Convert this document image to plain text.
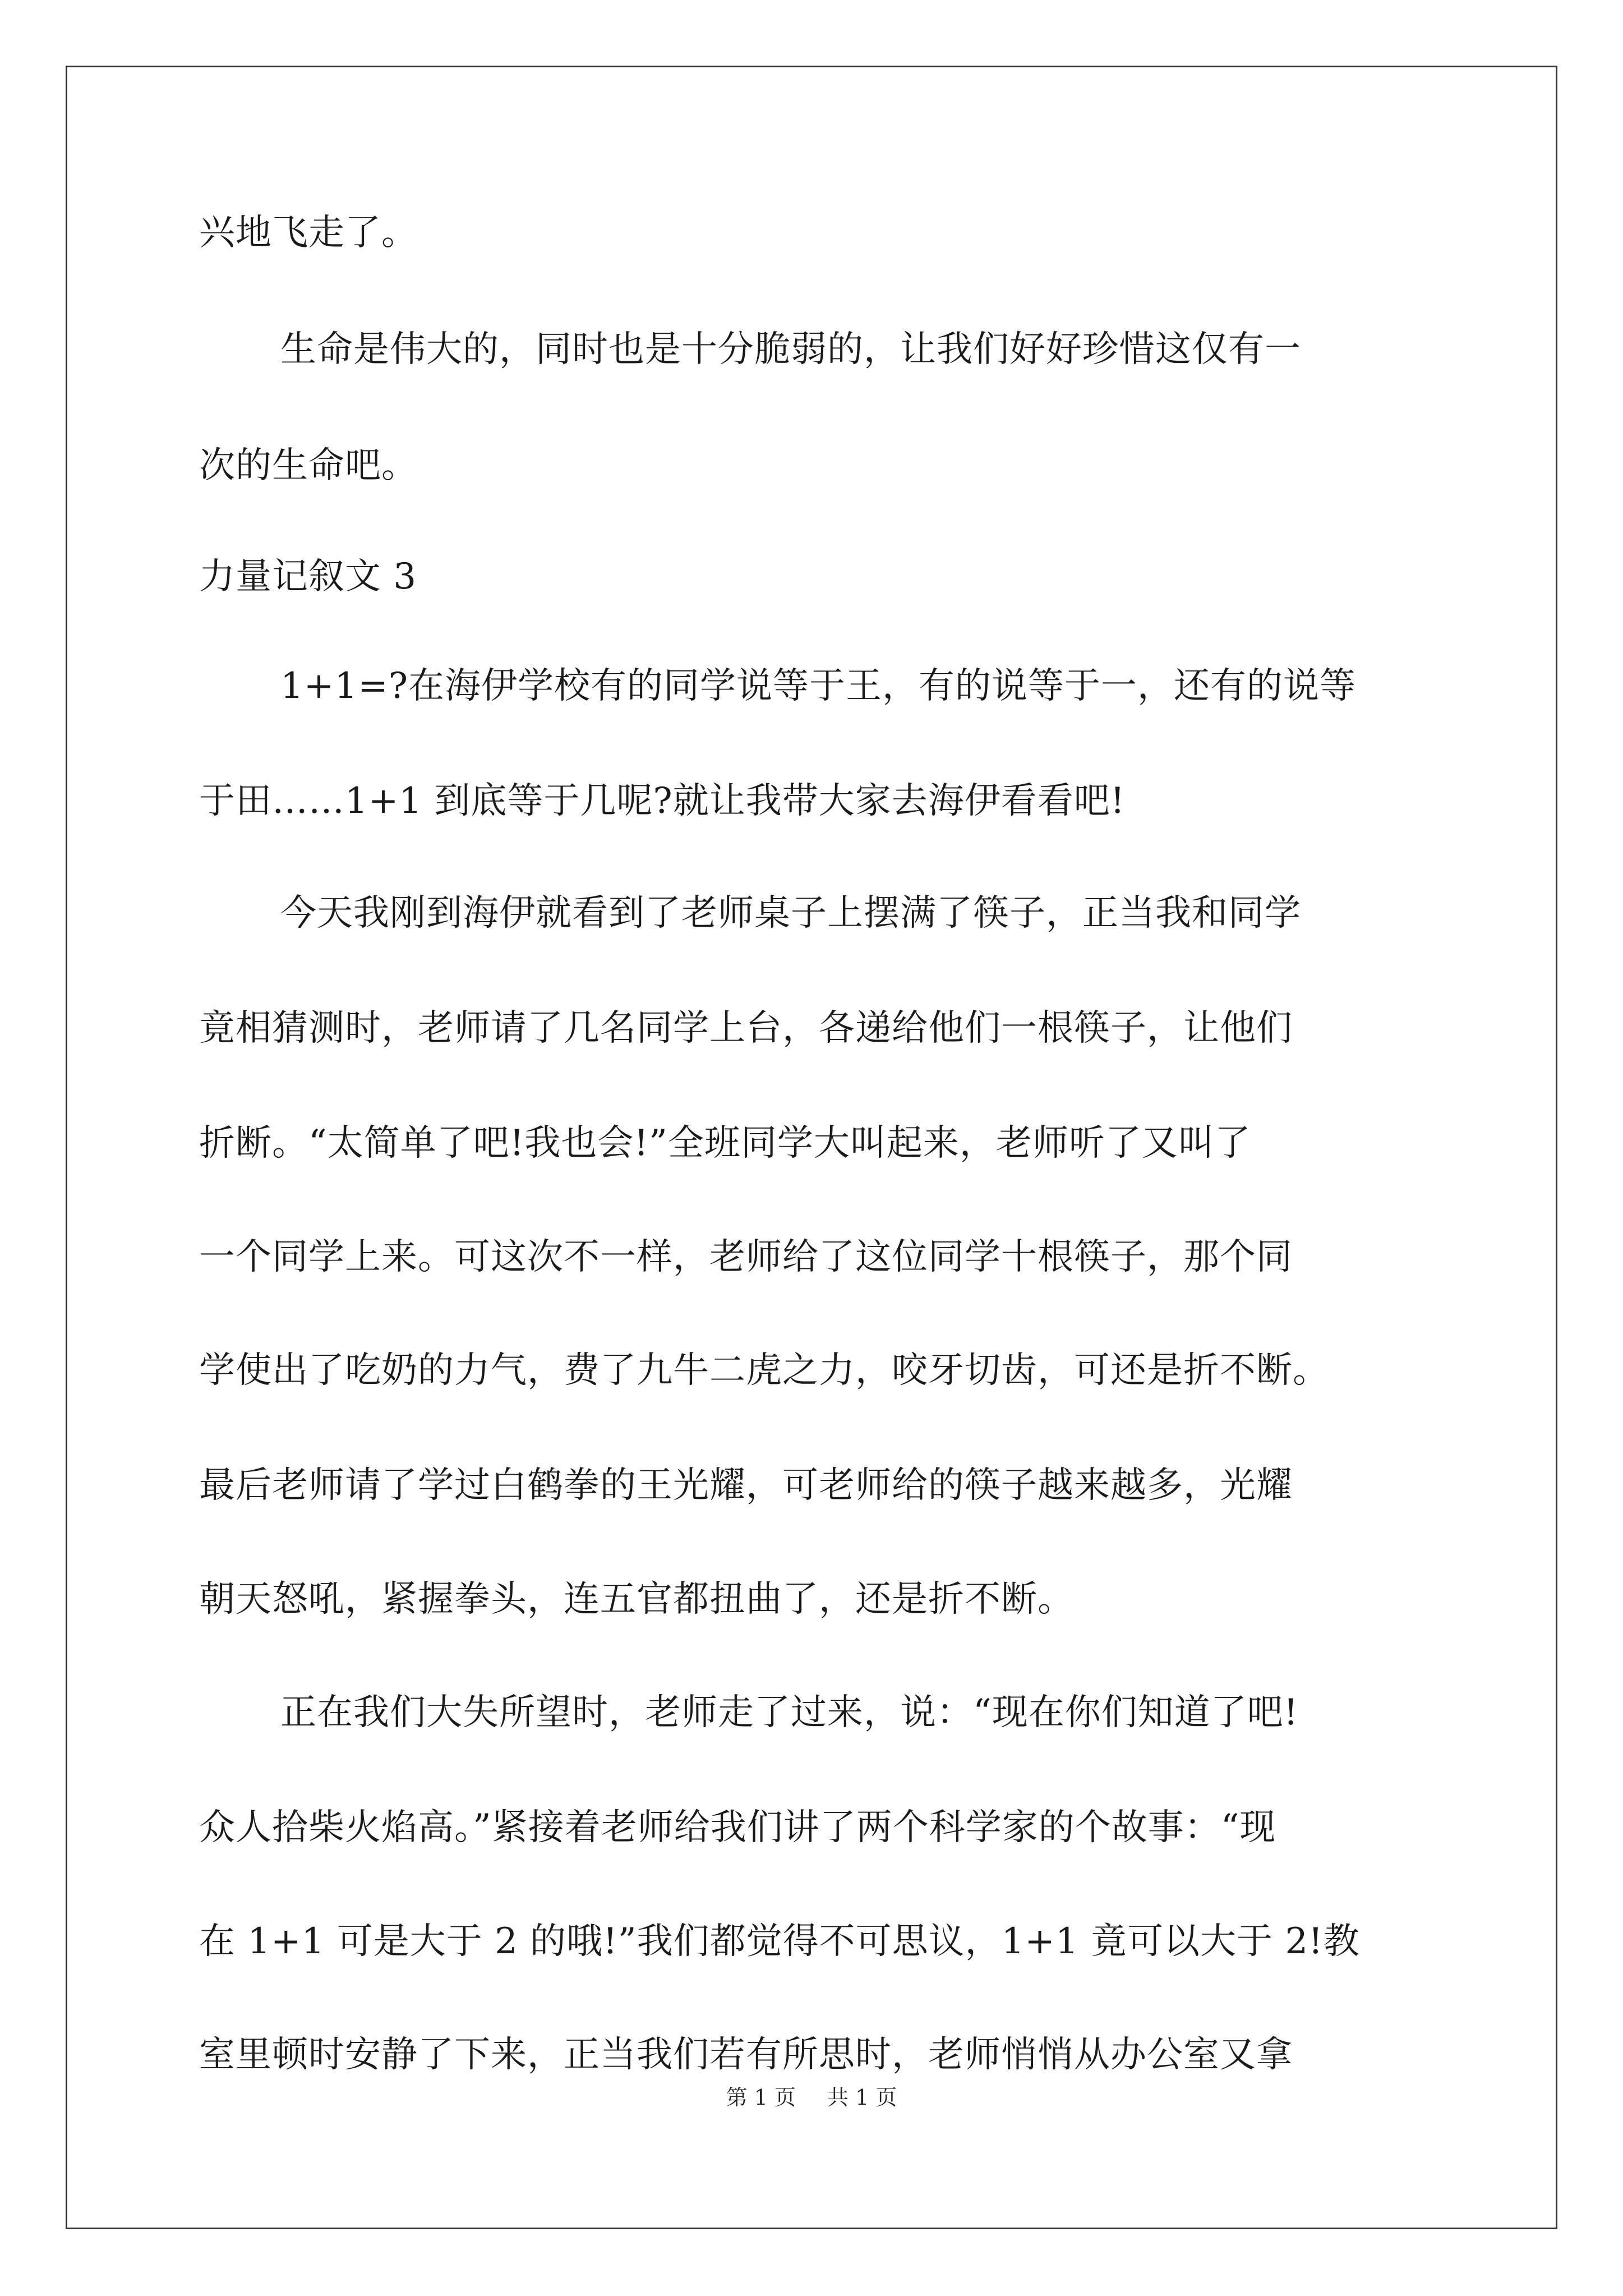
兴地飞走了。
生命是伟大的，同时也是十分脆弱的，让我们好好珍惜这仅有一
次的生命吧。
力量记叙文 3
1+1=?在海伊学校有的同学说等于王，有的说等于一，还有的说等
于田……1+1 到底等于几呢?就让我带大家去海伊看看吧!
今天我刚到海伊就看到了老师桌子上摆满了筷子，正当我和同学
竟相猜测时，老师请了几名同学上台，各递给他们一根筷子，让他们
折断。“太简单了吧!我也会!”全班同学大叫起来，老师听了又叫了
一个同学上来。可这次不一样，老师给了这位同学十根筷子，那个同
学使出了吃奶的力气，费了九牛二虎之力，咬牙切齿，可还是折不断。
最后老师请了学过白鹤拳的王光耀，可老师给的筷子越来越多，光耀
朝天怒吼，紧握拳头，连五官都扭曲了，还是折不断。
正在我们大失所望时，老师走了过来，说：“现在你们知道了吧!
众人拾柴火焰高。”紧接着老师给我们讲了两个科学家的个故事：“现
在 1+1 可是大于 2 的哦!”我们都觉得不可思议，1+1 竟可以大于 2!教
室里顿时安静了下来，正当我们若有所思时，老师悄悄从办公室又拿
第 1 页 共 1 页
